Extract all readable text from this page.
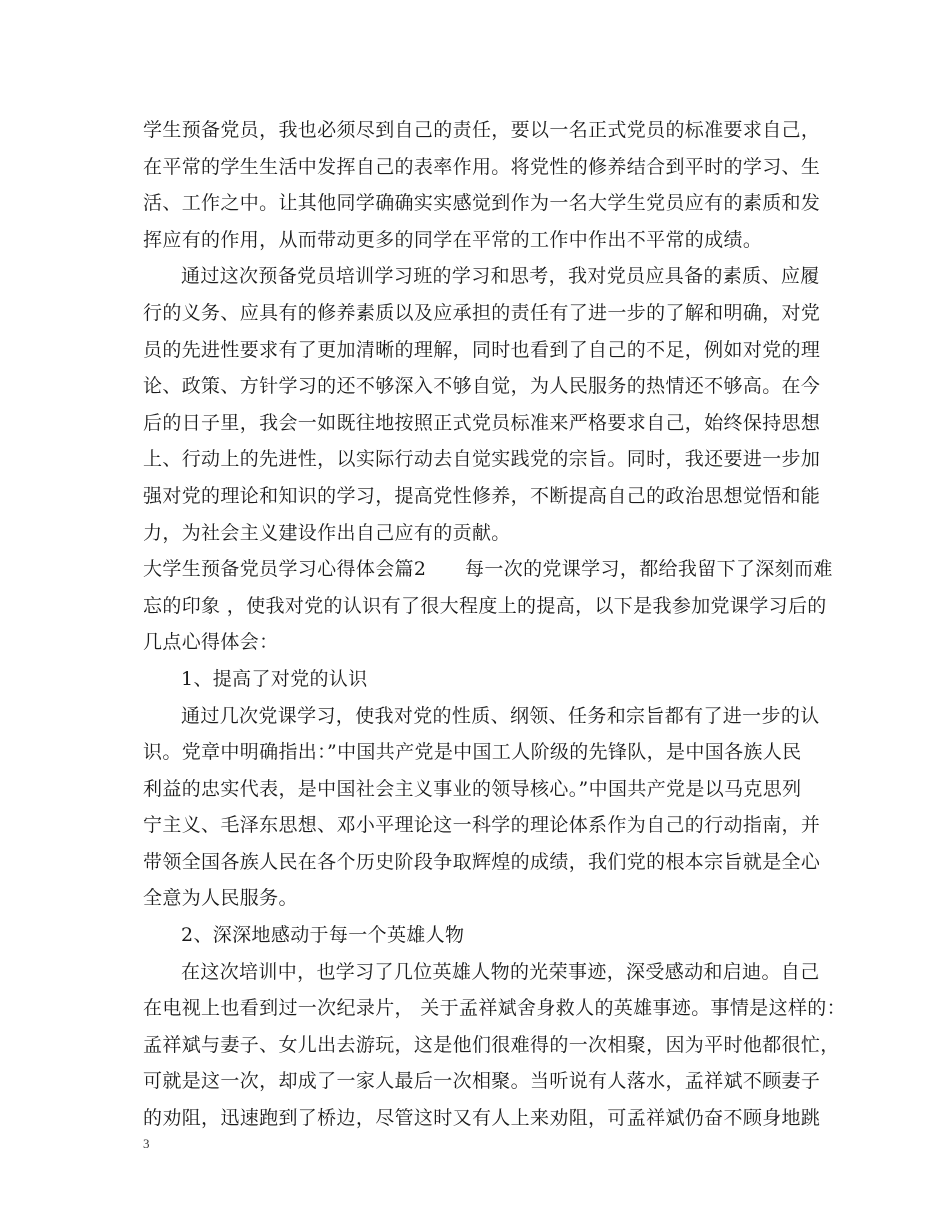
学生预备党员，我也必须尽到自己的责任，要以一名正式党员的标准要求自己，
在平常的学生生活中发挥自己的表率作用。将党性的修养结合到平时的学习、生
活、工作之中。让其他同学确确实实感觉到作为一名大学生党员应有的素质和发
挥应有的作用，从而带动更多的同学在平常的工作中作出不平常的成绩。
通过这次预备党员培训学习班的学习和思考，我对党员应具备的素质、应履
行的义务、应具有的修养素质以及应承担的责任有了进一步的了解和明确，对党
员的先进性要求有了更加清晰的理解，同时也看到了自己的不足，例如对党的理
论、政策、方针学习的还不够深入不够自觉，为人民服务的热情还不够高。在今
后的日子里，我会一如既往地按照正式党员标准来严格要求自己，始终保持思想
上、行动上的先进性，以实际行动去自觉实践党的宗旨。同时，我还要进一步加
强对党的理论和知识的学习，提高党性修养，不断提高自己的政治思想觉悟和能
力，为社会主义建设作出自己应有的贡献。
大学生预备党员学习心得体会篇2　　每一次的党课学习，都给我留下了深刻而难
忘的印象 ，使我对党的认识有了很大程度上的提高，以下是我参加党课学习后的
几点心得体会：
1、提高了对党的认识
通过几次党课学习，使我对党的性质、纲领、任务和宗旨都有了进一步的认
识。党章中明确指出：”中国共产党是中国工人阶级的先锋队，是中国各族人民
利益的忠实代表，是中国社会主义事业的领导核心。”中国共产党是以马克思列
宁主义、毛泽东思想、邓小平理论这一科学的理论体系作为自己的行动指南，并
带领全国各族人民在各个历史阶段争取辉煌的成绩，我们党的根本宗旨就是全心
全意为人民服务。
2、深深地感动于每一个英雄人物
在这次培训中，也学习了几位英雄人物的光荣事迹，深受感动和启迪。自己
在电视上也看到过一次纪录片， 关于孟祥斌舍身救人的英雄事迹。事情是这样的：
孟祥斌与妻子、女儿出去游玩，这是他们很难得的一次相聚，因为平时他都很忙，
可就是这一次，却成了一家人最后一次相聚。当听说有人落水，孟祥斌不顾妻子
的劝阻，迅速跑到了桥边，尽管这时又有人上来劝阻，可孟祥斌仍奋不顾身地跳
3
